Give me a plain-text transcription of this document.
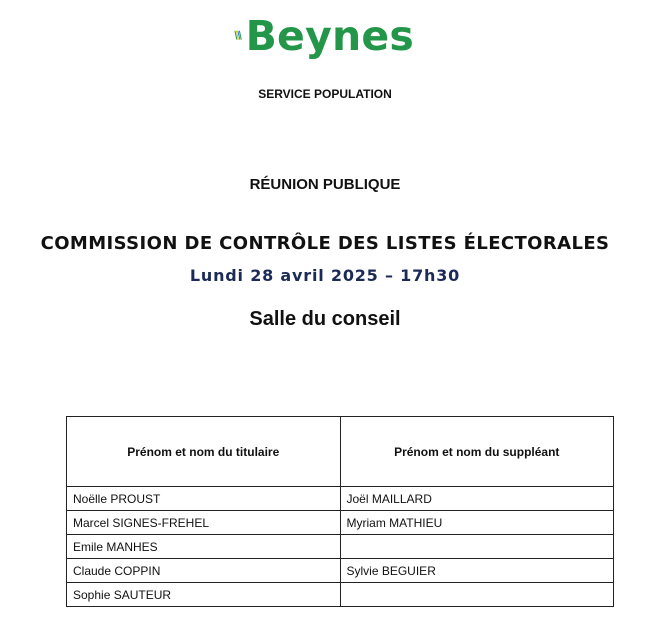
Beynes
SERVICE POPULATION
RÉUNION PUBLIQUE
COMMISSION DE CONTRÔLE DES LISTES ÉLECTORALES
Lundi 28 avril 2025 – 17h30
Salle du conseil
Prénom et nom du titulaire	Prénom et nom du suppléant
Noëlle PROUST	Joël MAILLARD
Marcel SIGNES-FREHEL	Myriam MATHIEU
Emile MANHES	
Claude COPPIN	Sylvie BEGUIER
Sophie SAUTEUR	
